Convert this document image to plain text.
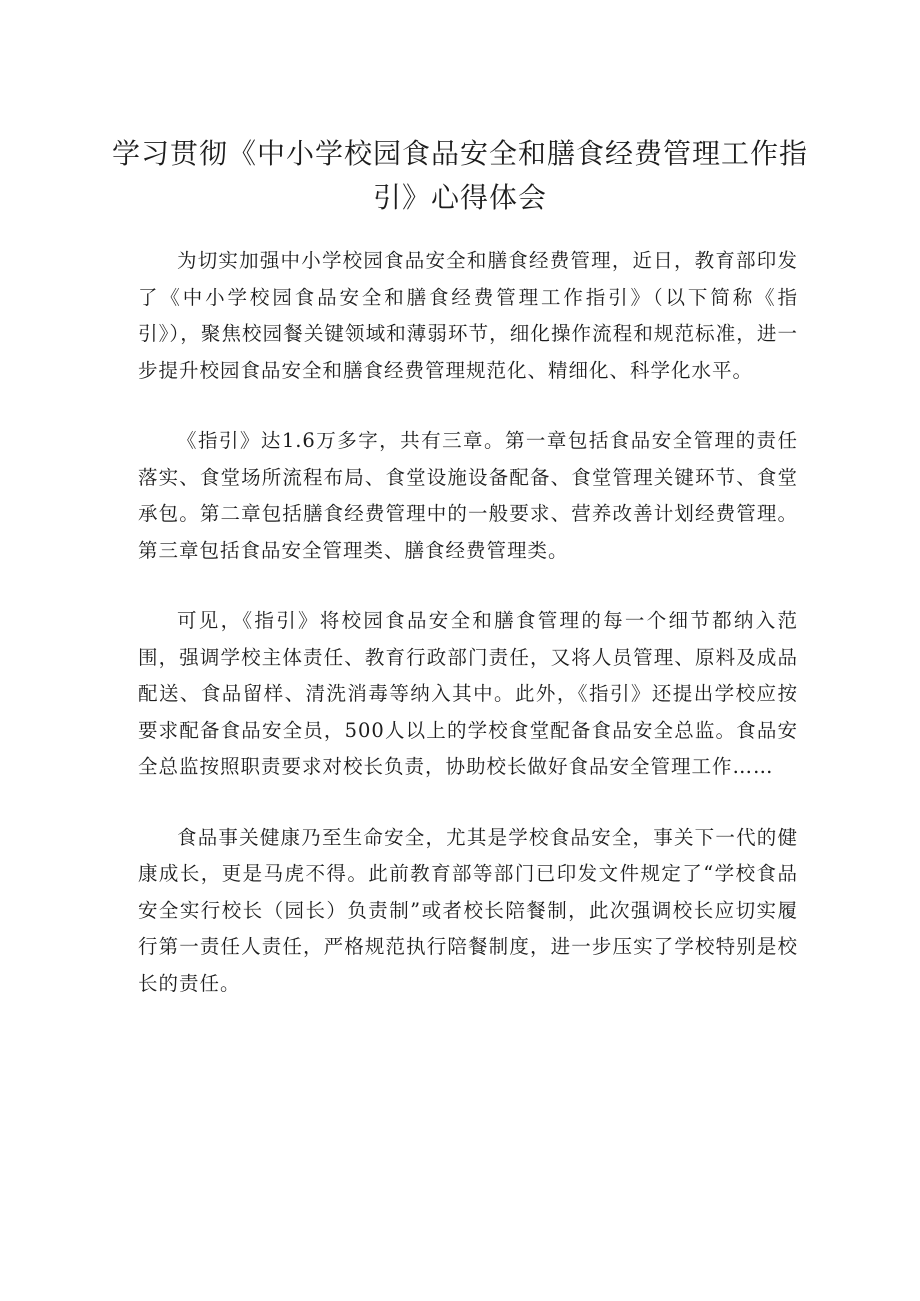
学习贯彻《中小学校园食品安全和膳食经费管理工作指引》心得体会

为切实加强中小学校园食品安全和膳食经费管理，近日，教育部印发了《中小学校园食品安全和膳食经费管理工作指引》（以下简称《指引》），聚焦校园餐关键领域和薄弱环节，细化操作流程和规范标准，进一步提升校园食品安全和膳食经费管理规范化、精细化、科学化水平。

《指引》达1.6万多字，共有三章。第一章包括食品安全管理的责任落实、食堂场所流程布局、食堂设施设备配备、食堂管理关键环节、食堂承包。第二章包括膳食经费管理中的一般要求、营养改善计划经费管理。第三章包括食品安全管理类、膳食经费管理类。

可见，《指引》将校园食品安全和膳食管理的每一个细节都纳入范围，强调学校主体责任、教育行政部门责任，又将人员管理、原料及成品配送、食品留样、清洗消毒等纳入其中。此外，《指引》还提出学校应按要求配备食品安全员，500人以上的学校食堂配备食品安全总监。食品安全总监按照职责要求对校长负责，协助校长做好食品安全管理工作……

食品事关健康乃至生命安全，尤其是学校食品安全，事关下一代的健康成长，更是马虎不得。此前教育部等部门已印发文件规定了“学校食品安全实行校长（园长）负责制”或者校长陪餐制，此次强调校长应切实履行第一责任人责任，严格规范执行陪餐制度，进一步压实了学校特别是校长的责任。
